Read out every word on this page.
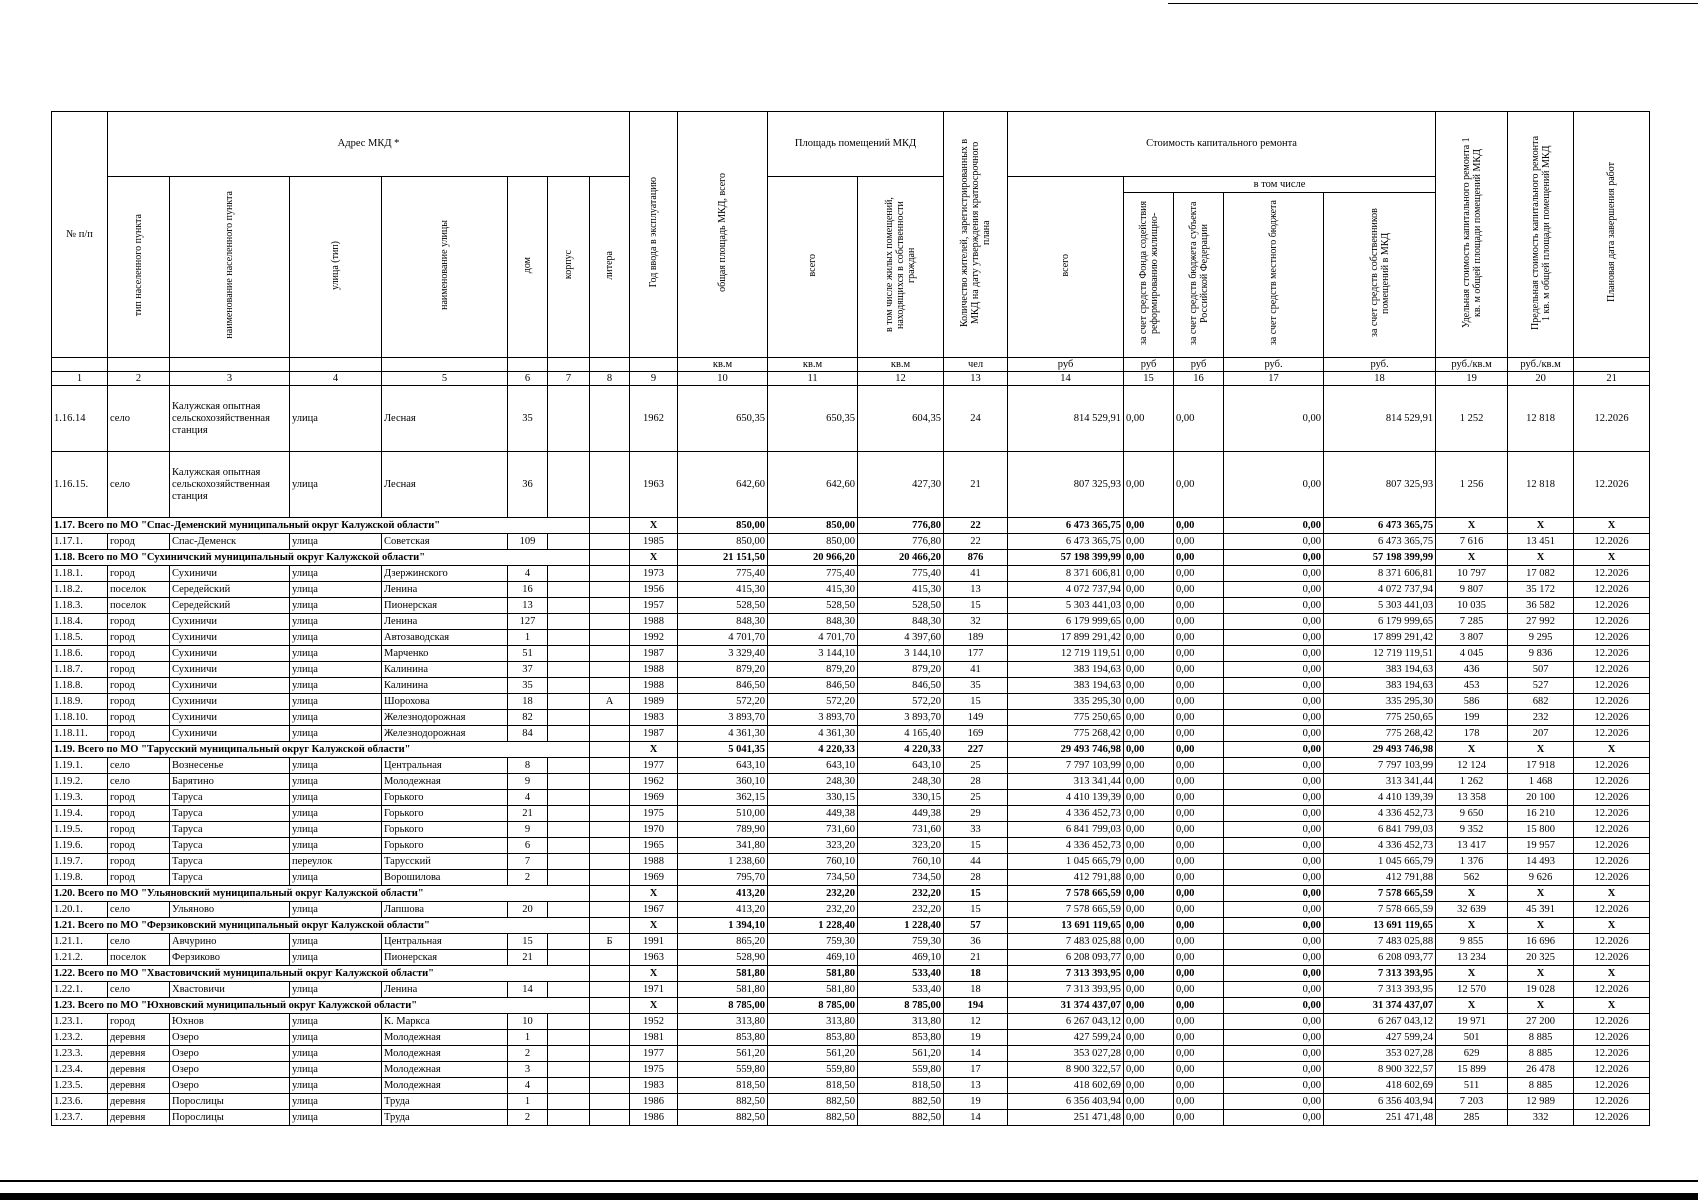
№ п/п	Адрес МКД *							Год ввода в эксплуатацию	общая площадь МКД, всего	Площадь помещений МКД		Количество жителей, зарегистрированных в МКД на дату утверждения краткосрочного плана	Стоимость капитального ремонта					Удельная стоимость капитального ремонта 1 кв. м общей площади помещений МКД	Предельная стоимость капитального ремонта 1 кв. м общей площади помещений МКД	Плановая дата завершения работ
	тип населенного пункта	наименование населенного пункта	улица (тип)	наименование улицы	дом	корпус	литера			всего	в том числе жилых помещений, находящихся в собственности граждан		всего	в том числе						
														за счет средств Фонда содействия реформированию жилищно-	за счет средств бюджета субъекта Российской Федерации	за счет средств местного бюджета	за счет средств собственников помещений в МКД			
									кв.м	кв.м	кв.м	чел	руб	руб	руб	руб.	руб.	руб./кв.м	руб./кв.м	
1	2	3	4	5	6	7	8	9	10	11	12	13	14	15	16	17	18	19	20	21
1.16.14	село	Калужская опытная сельскохозяйственная станция	улица	Лесная	35			1962	650,35	650,35	604,35	24	814 529,91	0,00	0,00	0,00	814 529,91	1 252	12 818	12.2026
1.16.15.	село	Калужская опытная сельскохозяйственная станция	улица	Лесная	36			1963	642,60	642,60	427,30	21	807 325,93	0,00	0,00	0,00	807 325,93	1 256	12 818	12.2026
1.17. Всего по МО "Спас-Деменский муниципальный округ Калужской области"								X	850,00	850,00	776,80	22	6 473 365,75	0,00	0,00	0,00	6 473 365,75	X	X	X
1.17.1.	город	Спас-Деменск	улица	Советская	109			1985	850,00	850,00	776,80	22	6 473 365,75	0,00	0,00	0,00	6 473 365,75	7 616	13 451	12.2026
1.18. Всего по МО "Сухиничский муниципальный округ Калужской области"								X	21 151,50	20 966,20	20 466,20	876	57 198 399,99	0,00	0,00	0,00	57 198 399,99	X	X	X
1.18.1.	город	Сухиничи	улица	Дзержинского	4			1973	775,40	775,40	775,40	41	8 371 606,81	0,00	0,00	0,00	8 371 606,81	10 797	17 082	12.2026
1.18.2.	поселок	Середейский	улица	Ленина	16			1956	415,30	415,30	415,30	13	4 072 737,94	0,00	0,00	0,00	4 072 737,94	9 807	35 172	12.2026
1.18.3.	поселок	Середейский	улица	Пионерская	13			1957	528,50	528,50	528,50	15	5 303 441,03	0,00	0,00	0,00	5 303 441,03	10 035	36 582	12.2026
1.18.4.	город	Сухиничи	улица	Ленина	127			1988	848,30	848,30	848,30	32	6 179 999,65	0,00	0,00	0,00	6 179 999,65	7 285	27 992	12.2026
1.18.5.	город	Сухиничи	улица	Автозаводская	1			1992	4 701,70	4 701,70	4 397,60	189	17 899 291,42	0,00	0,00	0,00	17 899 291,42	3 807	9 295	12.2026
1.18.6.	город	Сухиничи	улица	Марченко	51			1987	3 329,40	3 144,10	3 144,10	177	12 719 119,51	0,00	0,00	0,00	12 719 119,51	4 045	9 836	12.2026
1.18.7.	город	Сухиничи	улица	Калинина	37			1988	879,20	879,20	879,20	41	383 194,63	0,00	0,00	0,00	383 194,63	436	507	12.2026
1.18.8.	город	Сухиничи	улица	Калинина	35			1988	846,50	846,50	846,50	35	383 194,63	0,00	0,00	0,00	383 194,63	453	527	12.2026
1.18.9.	город	Сухиничи	улица	Шорохова	18		А	1989	572,20	572,20	572,20	15	335 295,30	0,00	0,00	0,00	335 295,30	586	682	12.2026
1.18.10.	город	Сухиничи	улица	Железнодорожная	82			1983	3 893,70	3 893,70	3 893,70	149	775 250,65	0,00	0,00	0,00	775 250,65	199	232	12.2026
1.18.11.	город	Сухиничи	улица	Железнодорожная	84			1987	4 361,30	4 361,30	4 165,40	169	775 268,42	0,00	0,00	0,00	775 268,42	178	207	12.2026
1.19. Всего по МО "Тарусский муниципальный округ Калужской области"								X	5 041,35	4 220,33	4 220,33	227	29 493 746,98	0,00	0,00	0,00	29 493 746,98	X	X	X
1.19.1.	село	Вознесенье	улица	Центральная	8			1977	643,10	643,10	643,10	25	7 797 103,99	0,00	0,00	0,00	7 797 103,99	12 124	17 918	12.2026
1.19.2.	село	Барятино	улица	Молодежная	9			1962	360,10	248,30	248,30	28	313 341,44	0,00	0,00	0,00	313 341,44	1 262	1 468	12.2026
1.19.3.	город	Таруса	улица	Горького	4			1969	362,15	330,15	330,15	25	4 410 139,39	0,00	0,00	0,00	4 410 139,39	13 358	20 100	12.2026
1.19.4.	город	Таруса	улица	Горького	21			1975	510,00	449,38	449,38	29	4 336 452,73	0,00	0,00	0,00	4 336 452,73	9 650	16 210	12.2026
1.19.5.	город	Таруса	улица	Горького	9			1970	789,90	731,60	731,60	33	6 841 799,03	0,00	0,00	0,00	6 841 799,03	9 352	15 800	12.2026
1.19.6.	город	Таруса	улица	Горького	6			1965	341,80	323,20	323,20	15	4 336 452,73	0,00	0,00	0,00	4 336 452,73	13 417	19 957	12.2026
1.19.7.	город	Таруса	переулок	Тарусский	7			1988	1 238,60	760,10	760,10	44	1 045 665,79	0,00	0,00	0,00	1 045 665,79	1 376	14 493	12.2026
1.19.8.	город	Таруса	улица	Ворошилова	2			1969	795,70	734,50	734,50	28	412 791,88	0,00	0,00	0,00	412 791,88	562	9 626	12.2026
1.20. Всего по МО "Ульяновский муниципальный округ Калужской области"								X	413,20	232,20	232,20	15	7 578 665,59	0,00	0,00	0,00	7 578 665,59	X	X	X
1.20.1.	село	Ульяново	улица	Лапшова	20			1967	413,20	232,20	232,20	15	7 578 665,59	0,00	0,00	0,00	7 578 665,59	32 639	45 391	12.2026
1.21. Всего по МО "Ферзиковский муниципальный округ Калужской области"								X	1 394,10	1 228,40	1 228,40	57	13 691 119,65	0,00	0,00	0,00	13 691 119,65	X	X	X
1.21.1.	село	Авчурино	улица	Центральная	15		Б	1991	865,20	759,30	759,30	36	7 483 025,88	0,00	0,00	0,00	7 483 025,88	9 855	16 696	12.2026
1.21.2.	поселок	Ферзиково	улица	Пионерская	21			1963	528,90	469,10	469,10	21	6 208 093,77	0,00	0,00	0,00	6 208 093,77	13 234	20 325	12.2026
1.22. Всего по МО "Хвастовичский муниципальный округ Калужской области"								X	581,80	581,80	533,40	18	7 313 393,95	0,00	0,00	0,00	7 313 393,95	X	X	X
1.22.1.	село	Хвастовичи	улица	Ленина	14			1971	581,80	581,80	533,40	18	7 313 393,95	0,00	0,00	0,00	7 313 393,95	12 570	19 028	12.2026
1.23. Всего по МО "Юхновский муниципальный округ Калужской области"								X	8 785,00	8 785,00	8 785,00	194	31 374 437,07	0,00	0,00	0,00	31 374 437,07	X	X	X
1.23.1.	город	Юхнов	улица	К. Маркса	10			1952	313,80	313,80	313,80	12	6 267 043,12	0,00	0,00	0,00	6 267 043,12	19 971	27 200	12.2026
1.23.2.	деревня	Озеро	улица	Молодежная	1			1981	853,80	853,80	853,80	19	427 599,24	0,00	0,00	0,00	427 599,24	501	8 885	12.2026
1.23.3.	деревня	Озеро	улица	Молодежная	2			1977	561,20	561,20	561,20	14	353 027,28	0,00	0,00	0,00	353 027,28	629	8 885	12.2026
1.23.4.	деревня	Озеро	улица	Молодежная	3			1975	559,80	559,80	559,80	17	8 900 322,57	0,00	0,00	0,00	8 900 322,57	15 899	26 478	12.2026
1.23.5.	деревня	Озеро	улица	Молодежная	4			1983	818,50	818,50	818,50	13	418 602,69	0,00	0,00	0,00	418 602,69	511	8 885	12.2026
1.23.6.	деревня	Порослицы	улица	Труда	1			1986	882,50	882,50	882,50	19	6 356 403,94	0,00	0,00	0,00	6 356 403,94	7 203	12 989	12.2026
1.23.7.	деревня	Порослицы	улица	Труда	2			1986	882,50	882,50	882,50	14	251 471,48	0,00	0,00	0,00	251 471,48	285	332	12.2026
